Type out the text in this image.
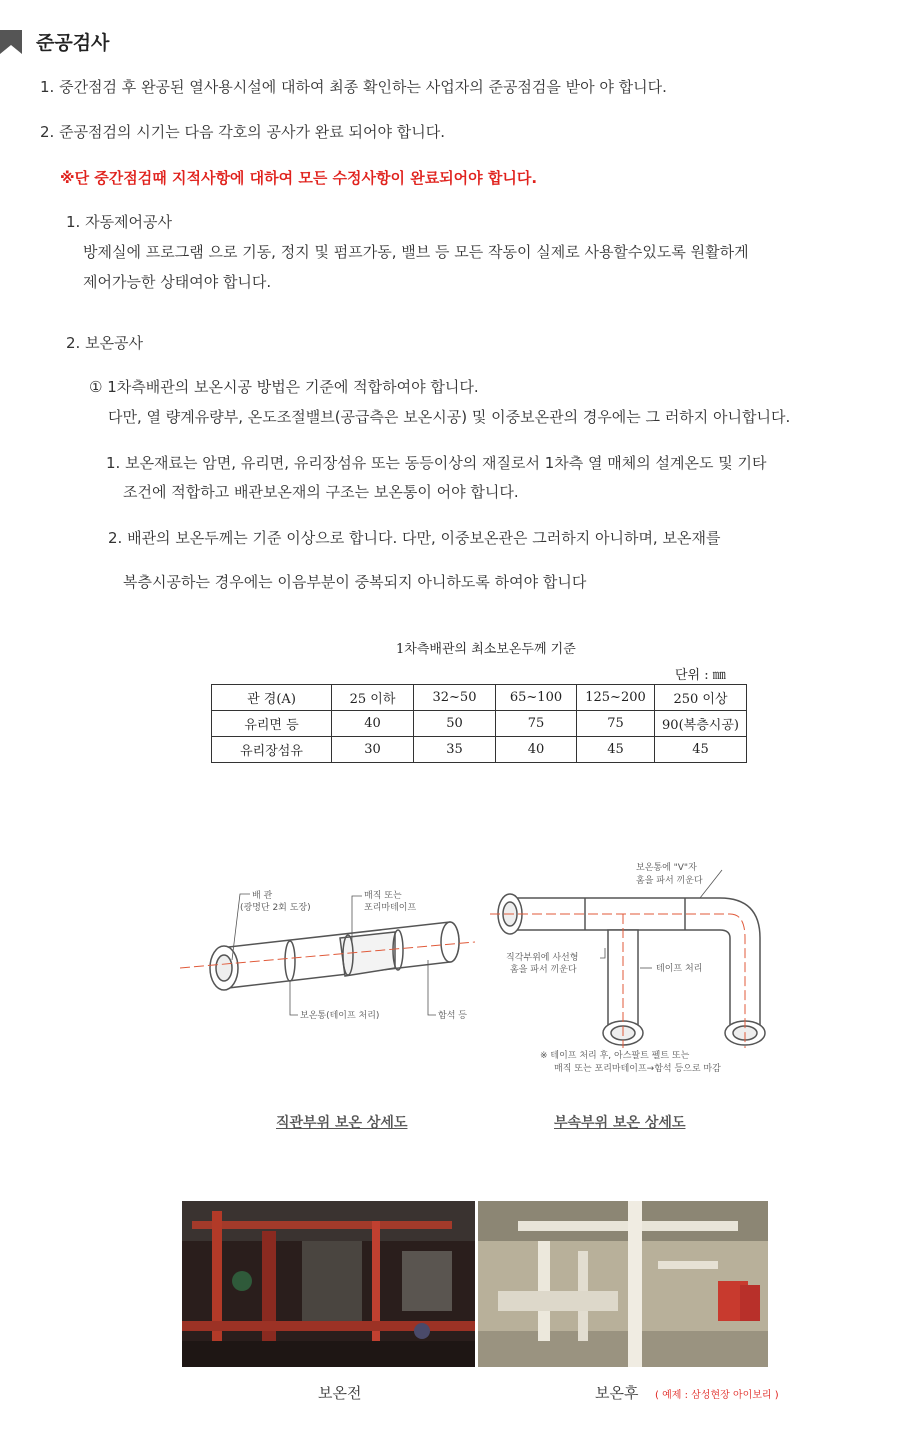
준공검사
1. 중간점검 후 완공된 열사용시설에 대하여 최종 확인하는 사업자의 준공점검을 받아 야 합니다.
2. 준공점검의 시기는 다음 각호의 공사가 완료 되어야 합니다.
※단 중간점검때 지적사항에 대하여 모든 수정사항이 완료되어야 합니다.
1. 자동제어공사
방제실에 프로그램 으로 기동, 정지 및 펌프가동, 밸브 등 모든 작동이 실제로 사용할수있도록 원활하게
제어가능한 상태여야 합니다.
2. 보온공사
① 1차측배관의 보온시공 방법은 기준에 적합하여야 합니다.
다만, 열 량계유량부, 온도조절밸브(공급측은 보온시공) 및 이중보온관의 경우에는 그 러하지 아니합니다.
1. 보온재료는 암면, 유리면, 유리장섬유 또는 동등이상의 재질로서 1차측 열 매체의 설계온도 및 기타
조건에 적합하고 배관보온재의 구조는 보온통이 어야 합니다.
2. 배관의 보온두께는 기준 이상으로 합니다. 다만, 이중보온관은 그러하지 아니하며, 보온재를
복층시공하는 경우에는 이음부분이 중복되지 아니하도록 하여야 합니다
1차측배관의 최소보온두께 기준
단위 : ㎜
관 경(A)	25 이하	32~50	65~100	125~200	250 이상
유리면 등	40	50	75	75	90(복층시공)
유리장섬유	30	35	40	45	45
배 관
(광명단 2회 도장)
매직 또는
포리마테이프
보온통(테이프 처리)	함석 등
보온통에 "V"자
홈을 파서 끼운다
직각부위에 사선형
홈을 파서 끼운다	테이프 처리
※ 테이프 처리 후, 아스팔트 펠트 또는
매직 또는 포리마테이프→함석 등으로 마감
직관부위 보온 상세도	부속부위 보온 상세도
보온전	보온후 ( 예제 : 삼성현장 아이보리 )
